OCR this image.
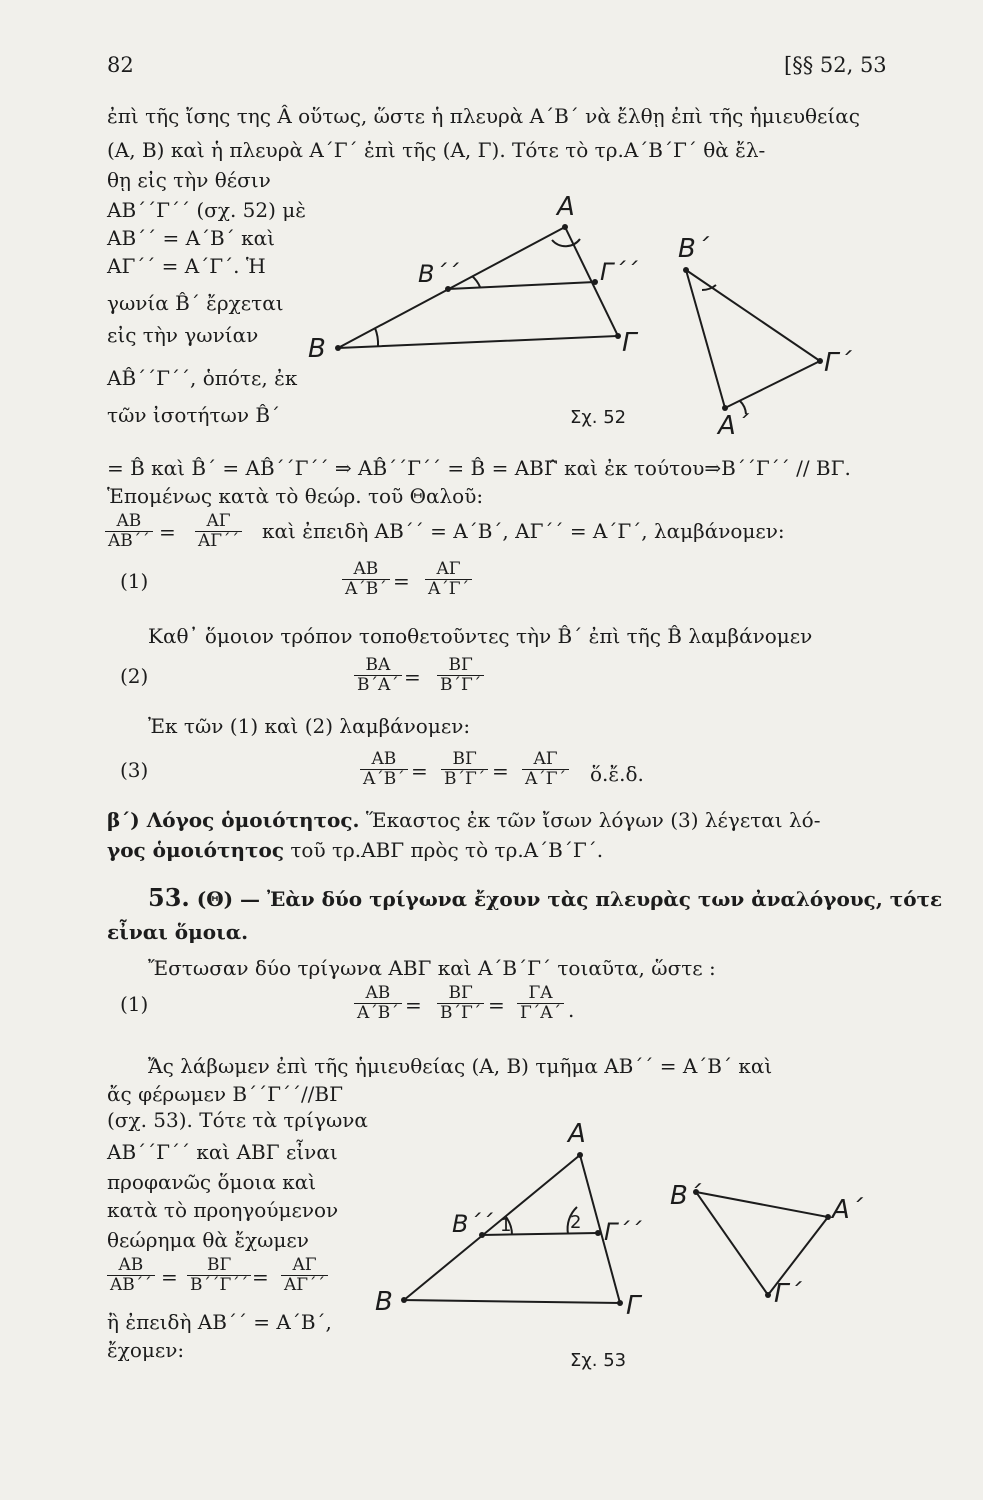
82	[§§ 52, 53
ἐπὶ τῆς ἴσης της Â οὕτως, ὥστε ἡ πλευρὰ A΄B΄ νὰ ἔλθῃ ἐπὶ τῆς ἡμιευθείας
(A, B) καὶ ἡ πλευρὰ A΄Γ΄ ἐπὶ τῆς (A, Γ). Τότε τὸ τρ.A΄B΄Γ΄ θὰ ἔλ-
θῃ εἰς τὴν θέσιν
AB΄΄Γ΄΄ (σχ. 52) μὲ
AB΄΄ = A΄B΄ καὶ
AΓ΄΄ = A΄Γ΄. Ἡ
γωνία B̂΄ ἔρχεται
εἰς τὴν γωνίαν
AB̂΄΄Γ΄΄, ὁπότε, ἐκ
τῶν ἰσοτήτων B̂΄
= B̂ καὶ B̂΄ = AB̂΄΄Γ΄΄ ⇒ AB̂΄΄Γ΄΄ = B̂ = ABΓ̂ καὶ ἐκ τούτου⇒B΄΄Γ΄΄ // BΓ.
Ἑπομένως κατὰ τὸ θεώρ. τοῦ Θαλοῦ:
A
B	Γ
B΄΄	Γ΄΄
B΄
Γ΄
A΄
Σχ. 52
$\frac{AB}{AB΄΄} = \frac{A\Gamma}{A\Gamma΄΄}$ καὶ ἐπειδὴ AB΄΄ = A΄B΄, AΓ΄΄ = A΄Γ΄, λαμβάνομεν:
(1)	$\frac{AB}{A΄B΄} = \frac{A\Gamma}{A΄\Gamma΄}$
Καθ᾽ ὅμοιον τρόπον τοποθετοῦντες τὴν B̂΄ ἐπὶ τῆς B̂ λαμβάνομεν
(2)	$\frac{BA}{B΄A΄} = \frac{B\Gamma}{B΄\Gamma΄}$
Ἐκ τῶν (1) καὶ (2) λαμβάνομεν:
(3)	$\frac{AB}{A΄B΄} = \frac{B\Gamma}{B΄\Gamma΄} = \frac{A\Gamma}{A΄\Gamma΄}$ ὅ.ἔ.δ.
β΄) Λόγος ὁμοιότητος. Ἕκαστος ἐκ τῶν ἴσων λόγων (3) λέγεται λό-
γος ὁμοιότητος τοῦ τρ.ABΓ πρὸς τὸ τρ.A΄B΄Γ΄.
53. (Θ) — Ἐὰν δύο τρίγωνα ἔχουν τὰς πλευρὰς των ἀναλόγους, τότε
εἶναι ὅμοια.
Ἔστωσαν δύο τρίγωνα ABΓ καὶ A΄B΄Γ΄ τοιαῦτα, ὥστε :
(1)	$\frac{AB}{A΄B΄} = \frac{B\Gamma}{B΄\Gamma΄} = \frac{\Gamma A}{\Gamma΄A΄}$ .
Ἄς λάβωμεν ἐπὶ τῆς ἡμιευθείας (A, B) τμῆμα AB΄΄ = A΄B΄ καὶ
ἄς φέρωμεν B΄΄Γ΄΄//BΓ
(σχ. 53). Τότε τὰ τρίγωνα
AB΄΄Γ΄΄ καὶ ABΓ εἶναι
προφανῶς ὅμοια καὶ
κατὰ τὸ προηγούμενον
θεώρημα θὰ ἔχωμεν
$\frac{AB}{AB΄΄} = \frac{B\Gamma}{B΄΄\Gamma΄΄} = \frac{A\Gamma}{A\Gamma΄΄}$
ἢ ἐπειδὴ AB΄΄ = A΄B΄,
ἔχομεν:
A
B	Γ
B΄΄	Γ΄΄
1	2
B΄	A΄
Γ΄
Σχ. 53
